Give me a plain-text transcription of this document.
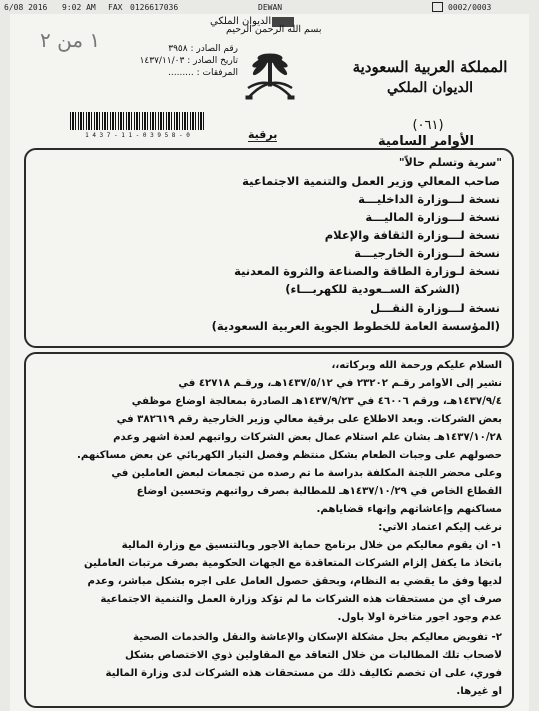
6/08 2016 9:02 AM FAX 0126617036	DEWAN	0002/0003
١ من ٢
الديوان الملكي
بسم الله الرحمن الرحيم
رقم الصادر : ٣٩٥٨
تاريخ الصادر : ١٤٣٧/١١/٠٣
المرفقات : .........	المملكة العربية السعودية
الديوان الملكي
(٠٦١)
الأوامر السامية
1 4 3 7 - 1 1 - 0 3 9 5 8 - 0	برقية
"سرية وتسلم حالاً"
صاحب المعالي وزير العمل والتنمية الاجتماعية
نسخة لـــوزارة الداخليـــة
نسخة لـــوزارة الماليـــة
نسخة لـــوزارة الثقافة والإعلام
نسخة لـــوزارة الخارجيـــة
نسخة لـوزارة الطاقة والصناعة والثروة المعدنية
(الشركة الســعودية للكهربـــاء)
نسخة لـــوزارة النقـــل
(المؤسسة العامة للخطوط الجوية العربية السعودية)
السلام عليكم ورحمة الله وبركاته،،
نشير إلى الأوامر رقـم ٢٣٢٠٢ في ١٤٣٧/٥/١٢هـ، ورقـم ٤٢٧١٨ في
١٤٣٧/٩/٤هـ، ورقم ٤٦٠٠٦ في ١٤٣٧/٩/٢٣هـ الصادرة بمعالجة أوضاع موظفي
بعض الشركات. وبعد الاطلاع على برقية معالي وزير الخارجية رقم ٣٨٢٦١٩ في
١٤٣٧/١٠/٢٨هـ بشأن علم استلام عمال بعض الشركات رواتبهم لعدة أشهر وعدم
حصولهم على وجبات الطعام بشكل منتظم وفصل التيار الكهربائي عن بعض مساكنهم.
وعلى محضر اللجنة المكلفة بدراسة ما تم رصده من تجمعات لبعض العاملين في
القطاع الخاص في ١٤٣٧/١٠/٢٩هـ للمطالبة بصرف رواتبهم وتحسين أوضاع
مساكنهم وإعاشاتهم وإنهاء قضاياهم.
نرغب إليكم اعتماد الآتي:
١- أن يقوم معاليكم من خلال برنامج حماية الأجور وبالتنسيق مع وزارة المالية
باتخاذ ما يكفل إلزام الشركات المتعاقدة مع الجهات الحكومية بصرف مرتبات العاملين
لديها وفق ما يقضي به النظام، وبحقق حصول العامل على أجره بشكل مباشر، وعدم
صرف أي من مستحقات هذه الشركات ما لم تؤكد وزارة العمل والتنمية الاجتماعية
عدم وجود أجور متأخرة أولاً بأول.
٢- تفويض معاليكم بحل مشكلة الإسكان والإعاشة والنقل والخدمات الصحية
لأصحاب تلك المطالبات من خلال التعاقد مع المقاولين ذوي الاختصاص بشكل
فوري، على أن تخصم تكاليف ذلك من مستحقات هذه الشركات لدى وزارة المالية
أو غيرها.
